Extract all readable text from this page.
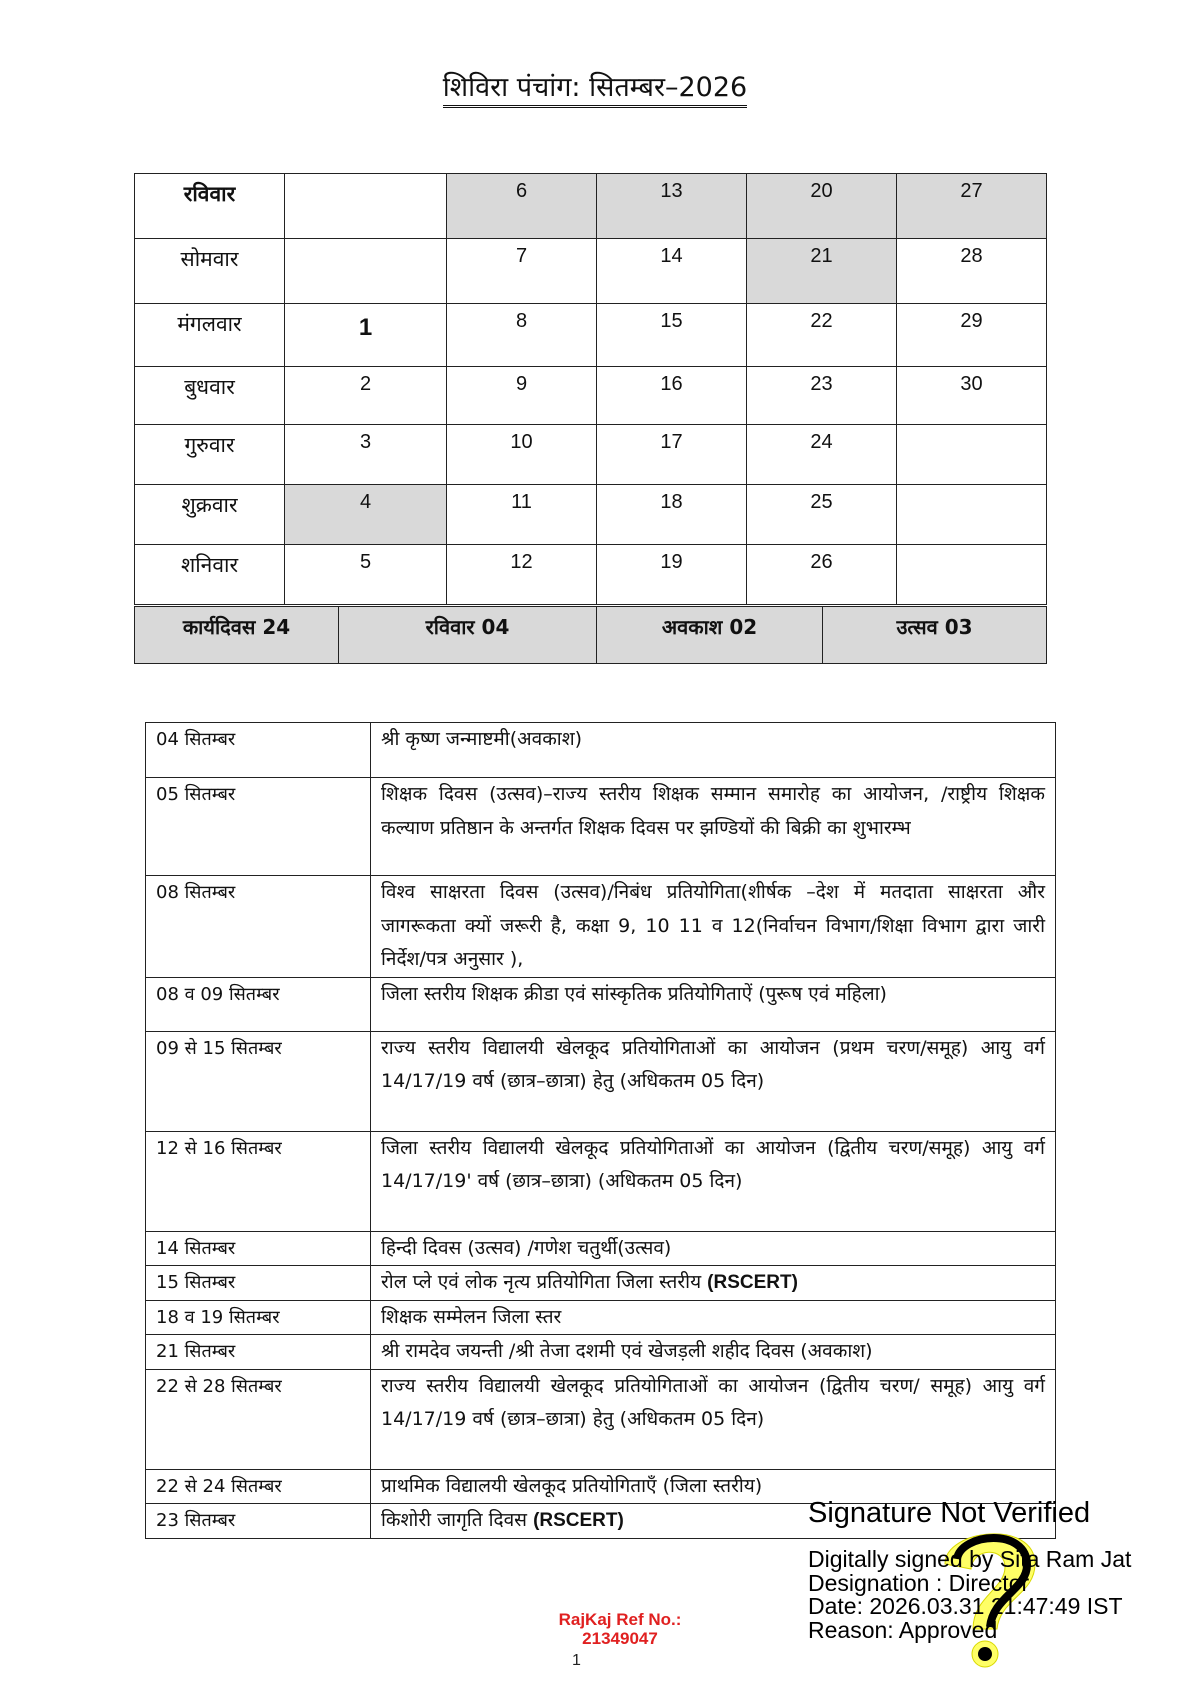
शिविरा पंचांग: सितम्बर–2026
रविवार		6	13	20	27
सोमवार		7	14	21	28
मंगलवार	1	8	15	22	29
बुधवार	2	9	16	23	30
गुरुवार	3	10	17	24	
शुक्रवार	4	11	18	25	
शनिवार	5	12	19	26	
कार्यदिवस 24	रविवार 04	अवकाश 02	उत्सव 03
04 सितम्बर	श्री कृष्ण जन्माष्टमी(अवकाश)
05 सितम्बर	शिक्षक दिवस (उत्सव)–राज्य स्तरीय शिक्षक सम्मान समारोह का आयोजन, /राष्ट्रीय शिक्षक कल्याण प्रतिष्ठान के अन्तर्गत शिक्षक दिवस पर झण्डियों की बिक्री का शुभारम्भ
08 सितम्बर	विश्व साक्षरता दिवस (उत्सव)/निबंध प्रतियोगिता(शीर्षक –देश में मतदाता साक्षरता और जागरूकता क्यों जरूरी है, कक्षा 9, 10 11 व 12(निर्वाचन विभाग/शिक्षा विभाग द्वारा जारी निर्देश/पत्र अनुसार ),
08 व 09 सितम्बर	जिला स्तरीय शिक्षक क्रीडा एवं सांस्कृतिक प्रतियोगिताऐं (पुरूष एवं महिला)
09 से 15 सितम्बर	राज्य स्तरीय विद्यालयी खेलकूद प्रतियोगिताओं का आयोजन (प्रथम चरण/समूह) आयु वर्ग 14/17/19 वर्ष (छात्र–छात्रा) हेतु (अधिकतम 05 दिन)
12 से 16 सितम्बर	जिला स्तरीय विद्यालयी खेलकूद प्रतियोगिताओं का आयोजन (द्वितीय चरण/समूह) आयु वर्ग 14/17/19' वर्ष (छात्र–छात्रा) (अधिकतम 05 दिन)
14 सितम्बर	हिन्दी दिवस (उत्सव) /गणेश चतुर्थी(उत्सव)
15 सितम्बर	रोल प्ले एवं लोक नृत्य प्रतियोगिता जिला स्तरीय (RSCERT)
18 व 19 सितम्बर	शिक्षक सम्मेलन जिला स्तर
21 सितम्बर	श्री रामदेव जयन्ती /श्री तेजा दशमी एवं खेजड़ली शहीद दिवस (अवकाश)
22 से 28 सितम्बर	राज्य स्तरीय विद्यालयी खेलकूद प्रतियोगिताओं का आयोजन (द्वितीय चरण/ समूह) आयु वर्ग 14/17/19 वर्ष (छात्र–छात्रा) हेतु (अधिकतम 05 दिन)
22 से 24 सितम्बर	प्राथमिक विद्यालयी खेलकूद प्रतियोगिताएँ (जिला स्तरीय)
23 सितम्बर	किशोरी जागृति दिवस (RSCERT)	Signature Not Verified
Digitally signed by Sita Ram Jat
Designation : Director
Date: 2026.03.31 21:47:49 IST
Reason: Approved
RajKaj Ref No.:
21349047
1
